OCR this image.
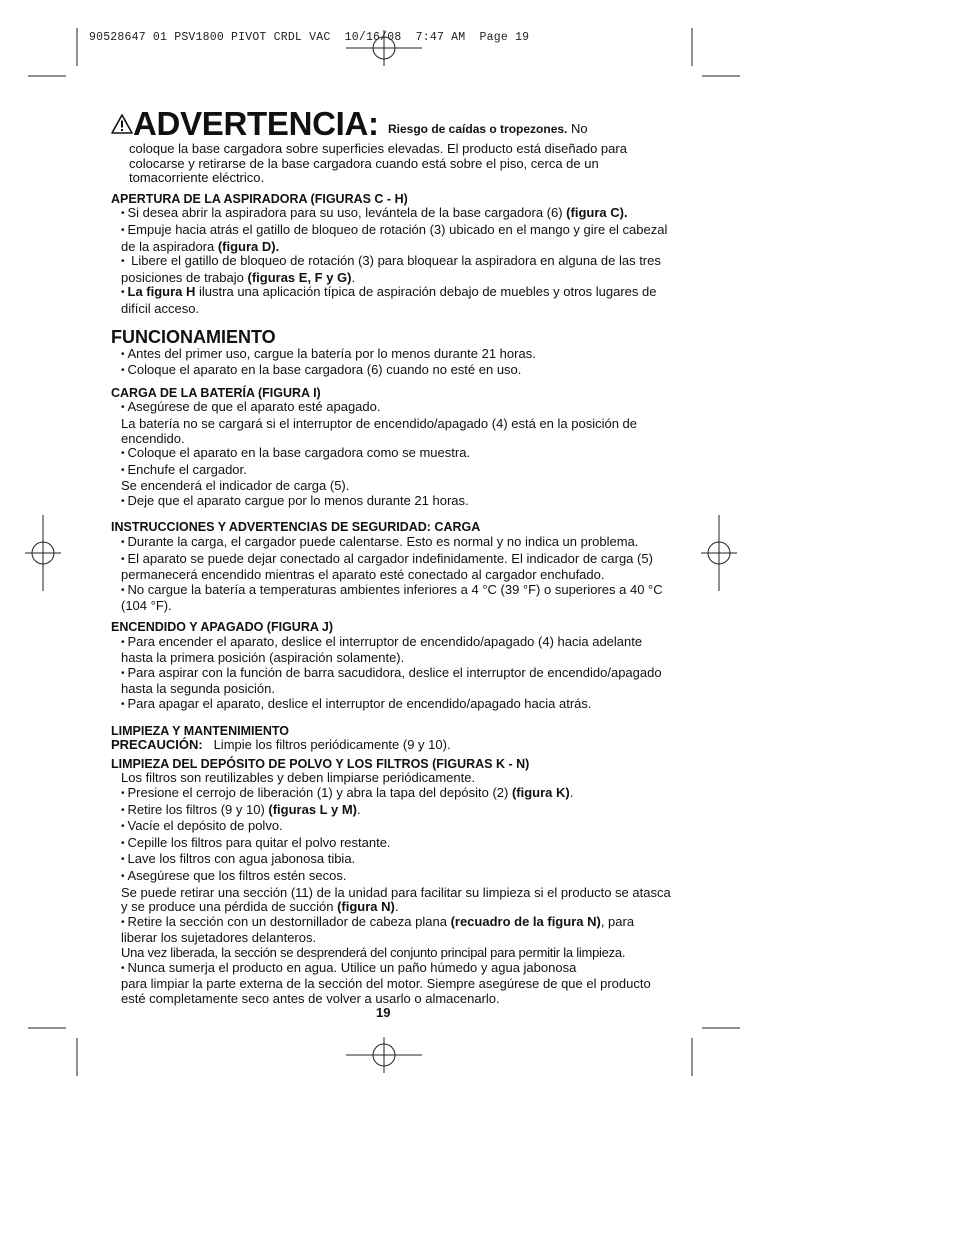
90528647 01 PSV1800 PIVOT CRDL VAC  10/16/08  7:47 AM  Page 19
ADVERTENCIA: Riesgo de caídas o tropezones. No
coloque la base cargadora sobre superficies elevadas. El producto está diseñado para colocarse y retirarse de la base cargadora cuando está sobre el piso, cerca de un tomacorriente eléctrico.
APERTURA DE LA ASPIRADORA (FIGURAS C - H)
• Si desea abrir la aspiradora para su uso, levántela de la base cargadora (6) (figura C).
• Empuje hacia atrás el gatillo de bloqueo de rotación (3) ubicado en el mango y gire el cabezal de la aspiradora (figura D).
• Libere el gatillo de bloqueo de rotación (3) para bloquear la aspiradora en alguna de las tres posiciones de trabajo (figuras E, F y G).
• La figura H ilustra una aplicación típica de aspiración debajo de muebles y otros lugares de difícil acceso.
FUNCIONAMIENTO
• Antes del primer uso, cargue la batería por lo menos durante 21 horas.
• Coloque el aparato en la base cargadora (6) cuando no esté en uso.
CARGA DE LA BATERÍA (FIGURA I)
• Asegúrese de que el aparato esté apagado.
La batería no se cargará si el interruptor de encendido/apagado (4) está en la posición de encendido.
• Coloque el aparato en la base cargadora como se muestra.
• Enchufe el cargador.
Se encenderá el indicador de carga (5).
• Deje que el aparato cargue por lo menos durante 21 horas.
INSTRUCCIONES Y ADVERTENCIAS DE SEGURIDAD: CARGA
• Durante la carga, el cargador puede calentarse. Esto es normal y no indica un problema.
• El aparato se puede dejar conectado al cargador indefinidamente. El indicador de carga (5) permanecerá encendido mientras el aparato esté conectado al cargador enchufado.
• No cargue la batería a temperaturas ambientes inferiores a 4 °C (39 °F) o superiores a 40 °C (104 °F).
ENCENDIDO Y APAGADO (FIGURA J)
• Para encender el aparato, deslice el interruptor de encendido/apagado (4) hacia adelante hasta la primera posición (aspiración solamente).
• Para aspirar con la función de barra sacudidora, deslice el interruptor de encendido/apagado hasta la segunda posición.
• Para apagar el aparato, deslice el interruptor de encendido/apagado hacia atrás.
LIMPIEZA Y MANTENIMIENTO
PRECAUCIÓN:   Limpie los filtros periódicamente (9 y 10).
LIMPIEZA DEL DEPÓSITO DE POLVO Y LOS FILTROS (FIGURAS K - N)
Los filtros son reutilizables y deben limpiarse periódicamente.
• Presione el cerrojo de liberación (1) y abra la tapa del depósito (2) (figura K).
• Retire los filtros (9 y 10) (figuras L y M).
• Vacíe el depósito de polvo.
• Cepille los filtros para quitar el polvo restante.
• Lave los filtros con agua jabonosa tibia.
• Asegúrese que los filtros estén secos.
Se puede retirar una sección (11) de la unidad para facilitar su limpieza si el producto se atasca y se produce una pérdida de succión (figura N).
• Retire la sección con un destornillador de cabeza plana (recuadro de la figura N), para liberar los sujetadores delanteros.
Una vez liberada, la sección se desprenderá del conjunto principal para permitir la limpieza.
• Nunca sumerja el producto en agua. Utilice un paño húmedo y agua jabonosa
para limpiar la parte externa de la sección del motor. Siempre asegúrese de que el producto esté completamente seco antes de volver a usarlo o almacenarlo.
19
